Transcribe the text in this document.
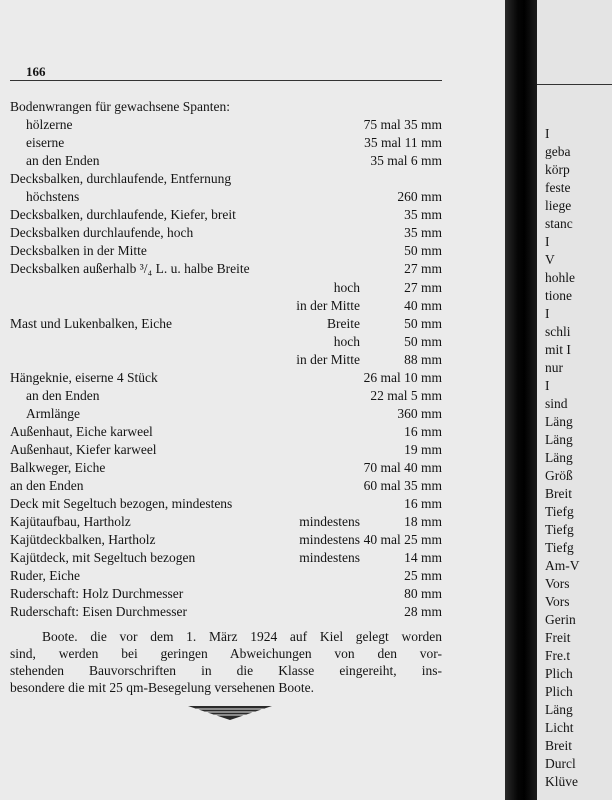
166
Bodenwrangen für gewachsene Spanten:
hölzerne	75 mal 35 mm
eiserne	35 mal 11 mm
an den Enden	35 mal 6 mm
Decksbalken, durchlaufende, Entfernung
höchstens	260 mm
Decksbalken, durchlaufende, Kiefer, breit	35 mm
Decksbalken durchlaufende, hoch	35 mm
Decksbalken in der Mitte	50 mm
Decksbalken außerhalb ³/₄ L. u. halbe Breite	27 mm
hoch	27 mm
in der Mitte	40 mm
Mast und Lukenbalken, Eiche	Breite	50 mm
hoch	50 mm
in der Mitte	88 mm
Hängeknie, eiserne 4 Stück	26 mal 10 mm
an den Enden	22 mal 5 mm
Armlänge	360 mm
Außenhaut, Eiche karweel	16 mm
Außenhaut, Kiefer karweel	19 mm
Balkweger, Eiche	70 mal 40 mm
an den Enden	60 mal 35 mm
Deck mit Segeltuch bezogen, mindestens	16 mm
Kajütaufbau, Hartholz	mindestens	18 mm
Kajütdeckbalken, Hartholz	mindestens 40 mal 25 mm
Kajütdeck, mit Segeltuch bezogen	mindestens	14 mm
Ruder, Eiche	25 mm
Ruderschaft: Holz Durchmesser	80 mm
Ruderschaft: Eisen Durchmesser	28 mm
Boote. die vor dem 1. März 1924 auf Kiel gelegt worden
sind, werden bei geringen Abweichungen von den vor-
stehenden Bauvorschriften in die Klasse eingereiht, ins-
besondere die mit 25 qm-Besegelung versehenen Boote.
I
geba
körp
feste
liege
stanc
I
V
hohle
tione
I
schli
mit I
nur
I
sind
Läng
Läng
Läng
Größ
Breit
Tiefg
Tiefg
Tiefg
Am-V
Vors
Vors
Gerin
Freit
Fre.t
Plich
Plich
Läng
Licht
Breit
Durcl
Klüve
